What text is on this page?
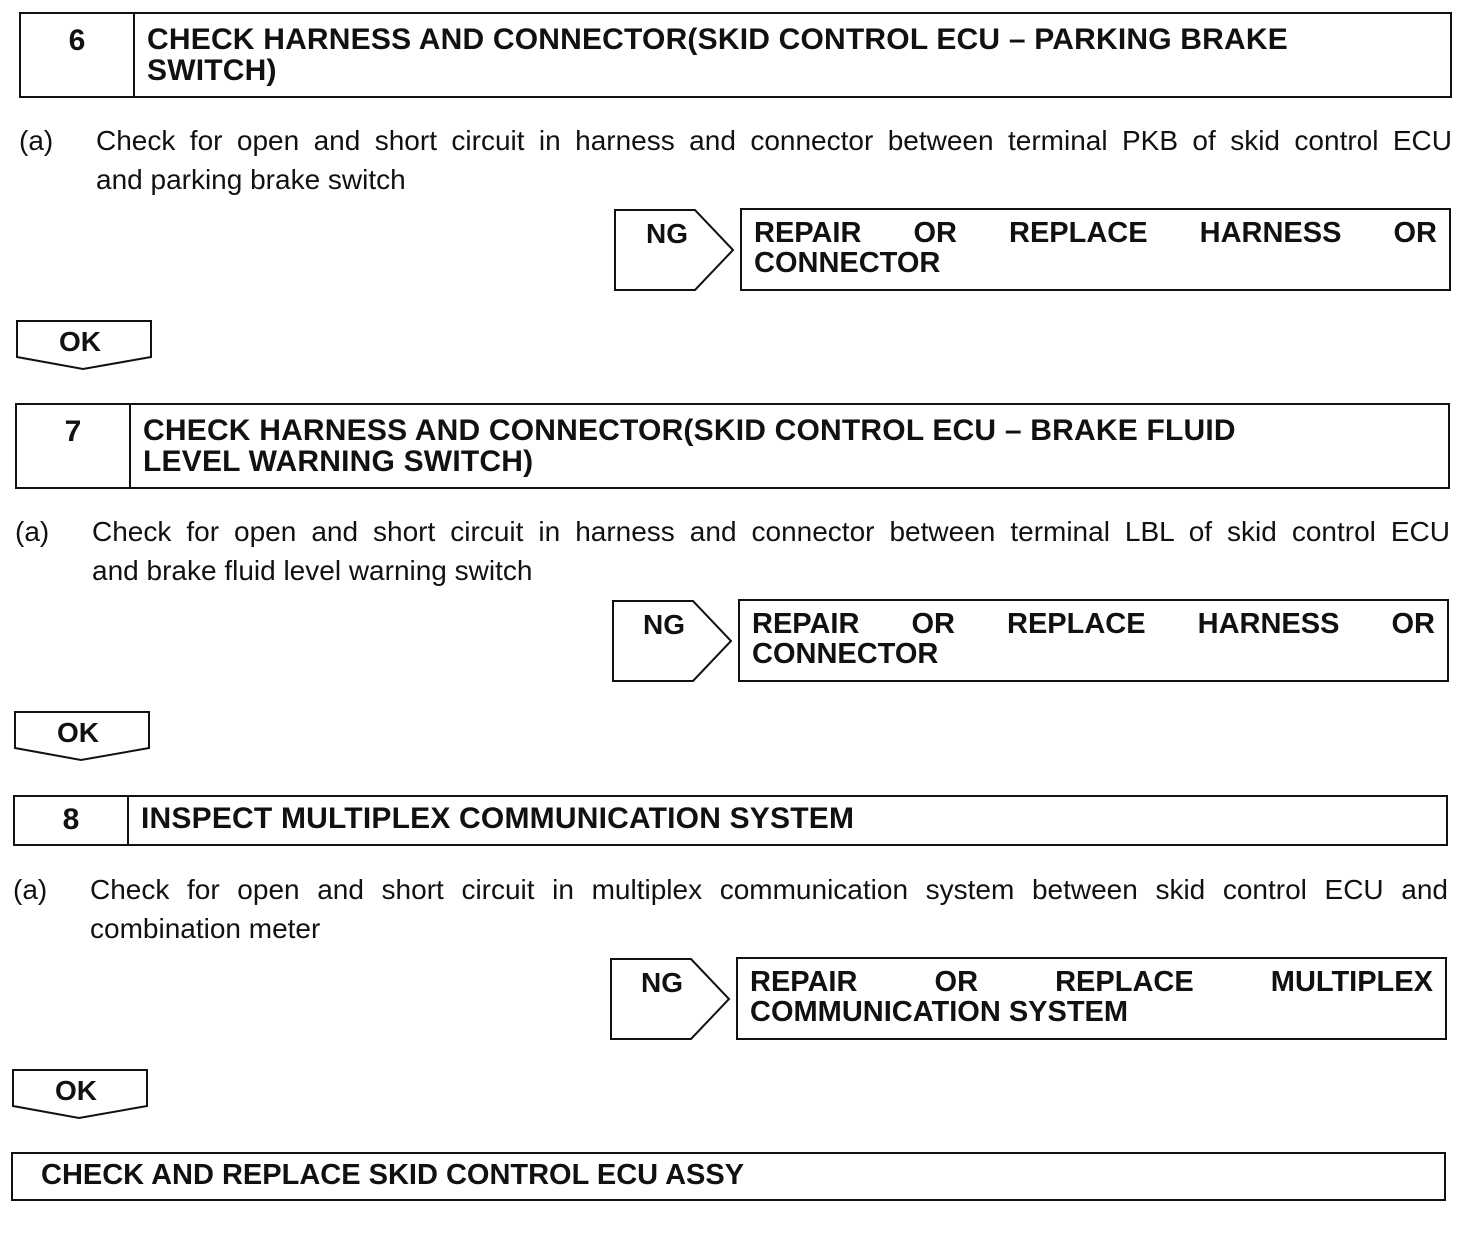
6	CHECK HARNESS AND CONNECTOR(SKID CONTROL ECU – PARKING BRAKE
SWITCH)
(a) Check for open and short circuit in harness and connector between terminal PKB of skid control ECU
and parking brake switch
NG REPAIR OR REPLACE HARNESS OR
CONNECTOR
OK
7	CHECK HARNESS AND CONNECTOR(SKID CONTROL ECU – BRAKE FLUID
LEVEL WARNING SWITCH)
(a) Check for open and short circuit in harness and connector between terminal LBL of skid control ECU
and brake fluid level warning switch
NG REPAIR OR REPLACE HARNESS OR
CONNECTOR
OK
8	INSPECT MULTIPLEX COMMUNICATION SYSTEM
(a) Check for open and short circuit in multiplex communication system between skid control ECU and
combination meter
NG REPAIR	OR	REPLACE	MULTIPLEX
COMMUNICATION SYSTEM
OK
CHECK AND REPLACE SKID CONTROL ECU ASSY
